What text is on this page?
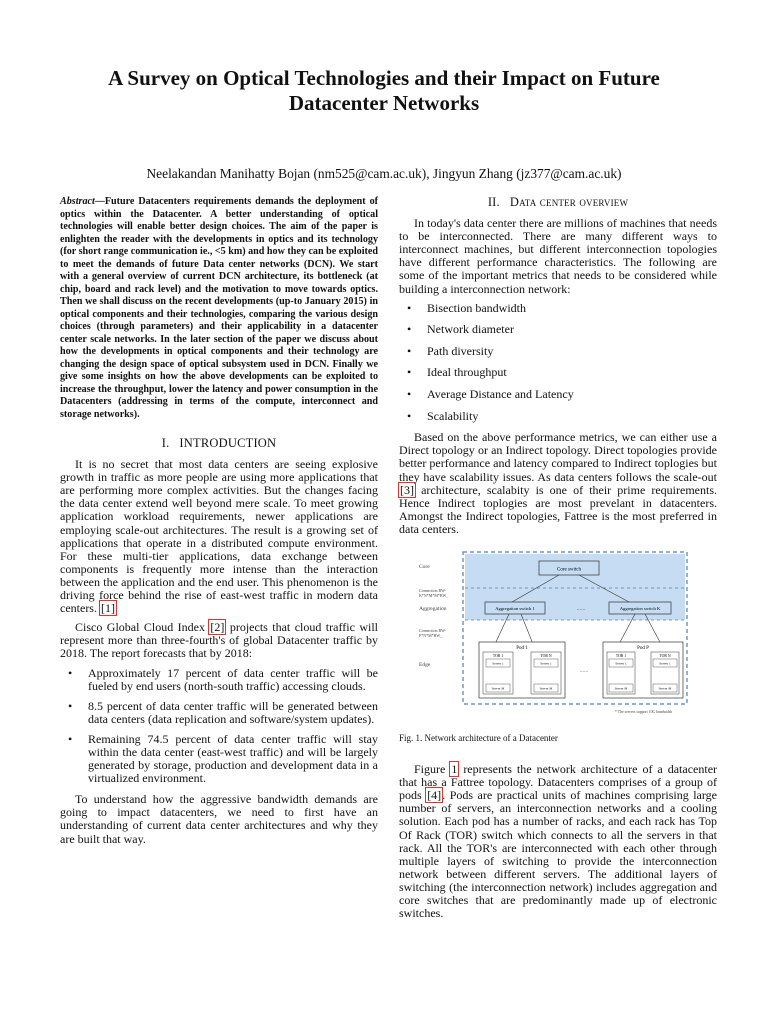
A Survey on Optical Technologies and their Impact on Future Datacenter Networks
Neelakandan Manihatty Bojan (nm525@cam.ac.uk), Jingyun Zhang (jz377@cam.ac.uk)

Abstract—Future Datacenters requirements demands the deployment of optics within the Datacenter. A better understanding of optical technologies will enable better design choices. The aim of the paper is enlighten the reader with the developments in optics and its technology (for short range communication ie., <5 km) and how they can be exploited to meet the demands of future Data center networks (DCN). We start with a general overview of current DCN architecture, its bottleneck (at chip, board and rack level) and the motivation to move towards optics. Then we shall discuss on the recent developments (up-to January 2015) in optical components and their technologies, comparing the various design choices (through parameters) and their applicability in a datacenter center scale networks. In the later section of the paper we discuss about how the developments in optical components and their technology are changing the design space of optical subsystem used in DCN. Finally we give some insights on how the above developments can be exploited to increase the throughput, lower the latency and power consumption in the Datacenters (addressing in terms of the compute, interconnect and storage networks).

I. INTRODUCTION

It is no secret that most data centers are seeing explosive growth in traffic as more people are using more applications that are performing more complex activities. But the changes facing the data center extend well beyond mere scale. To meet growing application workload requirements, newer applications are employing scale-out architectures. The result is a growing set of applications that operate in a distributed compute environment. For these multi-tier applications, data exchange between components is frequently more intense than the interaction between the application and the end user. This phenomenon is the driving force behind the rise of east-west traffic in modern data centers. [1]

Cisco Global Cloud Index [2] projects that cloud traffic will represent more than three-fourth's of global Datacenter traffic by 2018. The report forecasts that by 2018:

• Approximately 17 percent of data center traffic will be fueled by end users (north-south traffic) accessing clouds.
• 8.5 percent of data center traffic will be generated between data centers (data replication and software/system updates).
• Remaining 74.5 percent of data center traffic will stay within the data center (east-west traffic) and will be largely generated by storage, production and development data in a virtualized environment.

To understand how the aggressive bandwidth demands are going to impact datacenters, we need to first have an understanding of current data center architectures and why they are built that way.

II. Data center overview

In today's data center there are millions of machines that needs to be interconnected. There are many different ways to interconnect machines, but different interconnection topologies have different performance characteristics. The following are some of the important metrics that needs to be considered while building a interconnection network:

• Bisection bandwidth
• Network diameter
• Path diversity
• Ideal throughput
• Average Distance and Latency
• Scalability

Based on the above performance metrics, we can either use a Direct topology or an Indirect topology. Direct topologies provide better performance and latency compared to Indirect toplogies but they have scalability issues. As data centers follows the scale-out [3] architecture, scalabity is one of their prime requirements. Hence Indirect toplogies are most prevelant in datacenters. Amongst the Indirect topologies, Fattree is the most preferred in data centers.

Core
Connection BW-
K*N*M*M*BW_
Aggregation
Connection BW-
P*N*M*BW_
Edge
Core switch
Aggregation switch 1	......	Aggregation switch K
Pod 1
TOR 1
Server 1
Server M
TOR N
Server 1
Server M
Pod P
TOR 1
Server 1
Server M
TOR N
Server 1
Server M
......
* The servers support 10G bandwidth
Fig. 1. Network architecture of a Datacenter

Figure 1 represents the network architecture of a datacenter that has a Fattree topology. Datacenters comprises of a group of pods [4]. Pods are practical units of machines comprising large number of servers, an interconnection networks and a cooling solution. Each pod has a number of racks, and each rack has Top Of Rack (TOR) switch which connects to all the servers in that rack. All the TOR's are interconnected with each other through multiple layers of switching to provide the interconnection network between different servers. The additional layers of switching (the interconnection network) includes aggregation and core switches that are predominantly made up of electronic switches.
